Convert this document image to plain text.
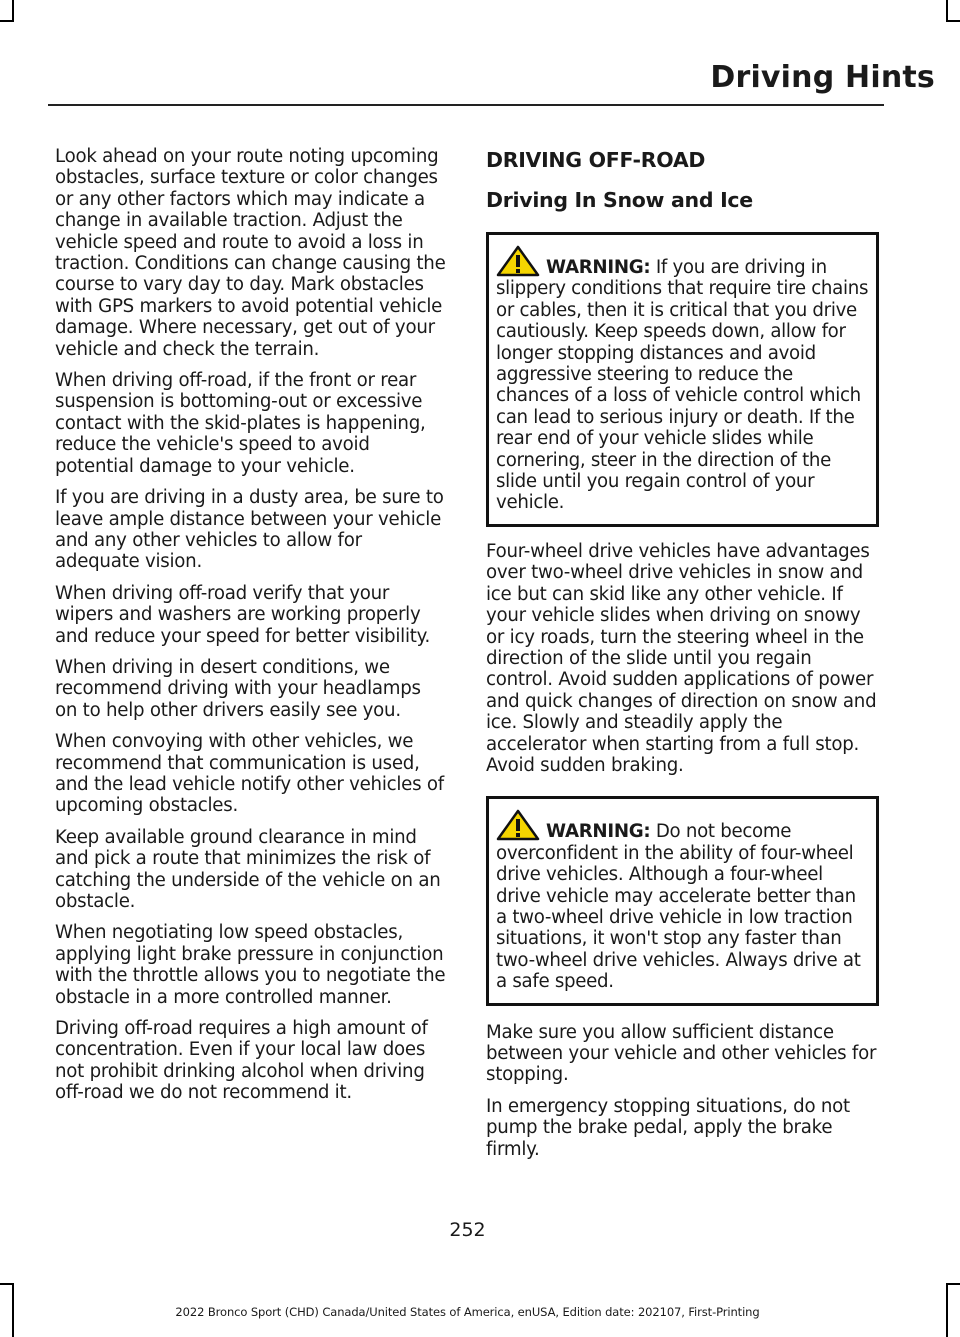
Driving Hints

Look ahead on your route noting upcoming obstacles, surface texture or color changes or any other factors which may indicate a change in available traction. Adjust the vehicle speed and route to avoid a loss in traction. Conditions can change causing the course to vary day to day. Mark obstacles with GPS markers to avoid potential vehicle damage. Where necessary, get out of your vehicle and check the terrain.

When driving off-road, if the front or rear suspension is bottoming-out or excessive contact with the skid-plates is happening, reduce the vehicle's speed to avoid potential damage to your vehicle.

If you are driving in a dusty area, be sure to leave ample distance between your vehicle and any other vehicles to allow for adequate vision.

When driving off-road verify that your wipers and washers are working properly and reduce your speed for better visibility.

When driving in desert conditions, we recommend driving with your headlamps on to help other drivers easily see you.

When convoying with other vehicles, we recommend that communication is used, and the lead vehicle notify other vehicles of upcoming obstacles.

Keep available ground clearance in mind and pick a route that minimizes the risk of catching the underside of the vehicle on an obstacle.

When negotiating low speed obstacles, applying light brake pressure in conjunction with the throttle allows you to negotiate the obstacle in a more controlled manner.

Driving off-road requires a high amount of concentration. Even if your local law does not prohibit drinking alcohol when driving off-road we do not recommend it.

DRIVING OFF-ROAD
Driving In Snow and Ice
WARNING: If you are driving in slippery conditions that require tire chains or cables, then it is critical that you drive cautiously. Keep speeds down, allow for longer stopping distances and avoid aggressive steering to reduce the chances of a loss of vehicle control which can lead to serious injury or death. If the rear end of your vehicle slides while cornering, steer in the direction of the slide until you regain control of your vehicle.

Four-wheel drive vehicles have advantages over two-wheel drive vehicles in snow and ice but can skid like any other vehicle. If your vehicle slides when driving on snowy or icy roads, turn the steering wheel in the direction of the slide until you regain control. Avoid sudden applications of power and quick changes of direction on snow and ice. Slowly and steadily apply the accelerator when starting from a full stop. Avoid sudden braking.

WARNING: Do not become overconfident in the ability of four-wheel drive vehicles. Although a four-wheel drive vehicle may accelerate better than a two-wheel drive vehicle in low traction situations, it won't stop any faster than two-wheel drive vehicles. Always drive at a safe speed.

Make sure you allow sufficient distance between your vehicle and other vehicles for stopping.

In emergency stopping situations, do not pump the brake pedal, apply the brake firmly.

252
2022 Bronco Sport (CHD) Canada/United States of America, enUSA, Edition date: 202107, First-Printing
